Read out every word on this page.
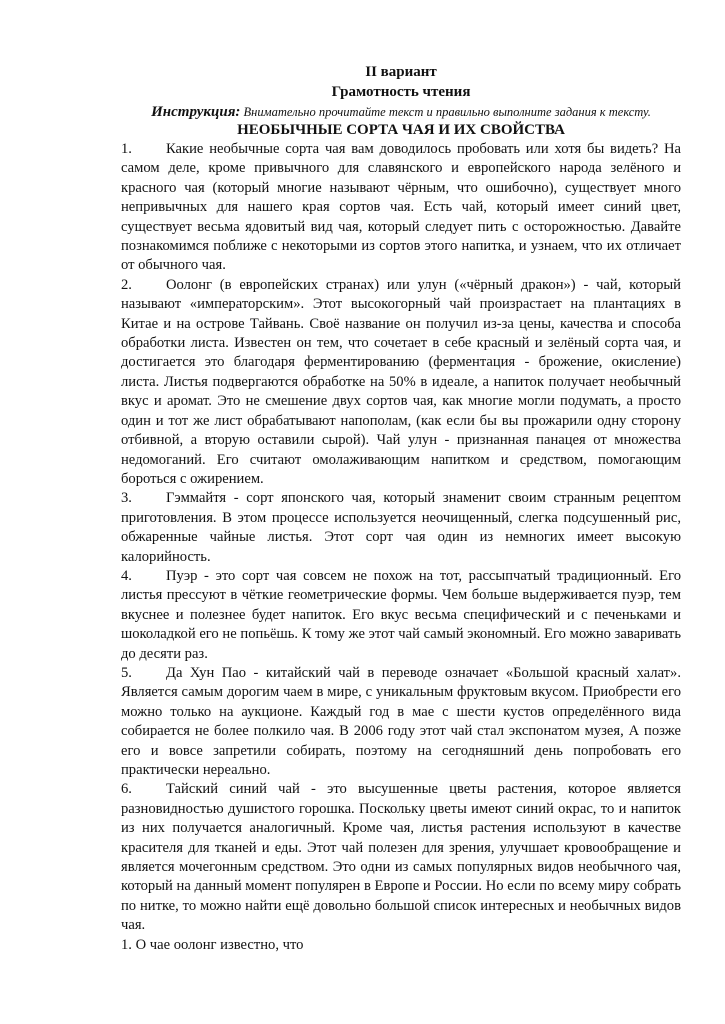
II вариант

Грамотность чтения

Инструкция: Внимательно прочитайте текст и правильно выполните задания к тексту.

НЕОБЫЧНЫЕ СОРТА ЧАЯ И ИХ СВОЙСТВА

1. Какие необычные сорта чая вам доводилось пробовать или хотя бы видеть? На самом деле, кроме привычного для славянского и европейского народа зелёного и красного чая (который многие называют чёрным, что ошибочно), существует много непривычных для нашего края сортов чая. Есть чай, который имеет синий цвет, существует весьма ядовитый вид чая, который следует пить с осторожностью. Давайте познакомимся поближе с некоторыми из сортов этого напитка, и узнаем, что их отличает от обычного чая.

2. Оолонг (в европейских странах) или улун («чёрный дракон») - чай, который называют «императорским». Этот высокогорный чай произрастает на плантациях в Китае и на острове Тайвань. Своё название он получил из-за цены, качества и способа обработки листа. Известен он тем, что сочетает в себе красный и зелёный сорта чая, и достигается это благодаря ферментированию (ферментация - брожение, окисление) листа. Листья подвергаются обработке на 50% в идеале, а напиток получает необычный вкус и аромат. Это не смешение двух сортов чая, как многие могли подумать, а просто один и тот же лист обрабатывают напополам, (как если бы вы прожарили одну сторону отбивной, а вторую оставили сырой). Чай улун - признанная панацея от множества недомоганий. Его считают омолаживающим напитком и средством, помогающим бороться с ожирением.

3. Гэммайтя - сорт японского чая, который знаменит своим странным рецептом приготовления. В этом процессе используется неочищенный, слегка подсушенный рис, обжаренные чайные листья. Этот сорт чая один из немногих имеет высокую калорийность.

4. Пуэр - это сорт чая совсем не похож на тот, рассыпчатый традиционный. Его листья прессуют в чёткие геометрические формы. Чем больше выдерживается пуэр, тем вкуснее и полезнее будет напиток. Его вкус весьма специфический и с печеньками и шоколадкой его не попьёшь. К тому же этот чай самый экономный. Его можно заваривать до десяти раз.

5. Да Хун Пао - китайский чай в переводе означает «Большой красный халат». Является самым дорогим чаем в мире, с уникальным фруктовым вкусом. Приобрести его можно только на аукционе. Каждый год в мае с шести кустов определённого вида собирается не более полкило чая. В 2006 году этот чай стал экспонатом музея, А позже его и вовсе запретили собирать, поэтому на сегодняшний день попробовать его практически нереально.

6. Тайский синий чай - это высушенные цветы растения, которое является разновидностью душистого горошка. Поскольку цветы имеют синий окрас, то и напиток из них получается аналогичный. Кроме чая, листья растения используют в качестве красителя для тканей и еды. Этот чай полезен для зрения, улучшает кровообращение и является мочегонным средством. Это одни из самых популярных видов необычного чая, который на данный момент популярен в Европе и России. Но если по всему миру собрать по нитке, то можно найти ещё довольно большой список интересных и необычных видов чая.

1. О чае оолонг известно, что
